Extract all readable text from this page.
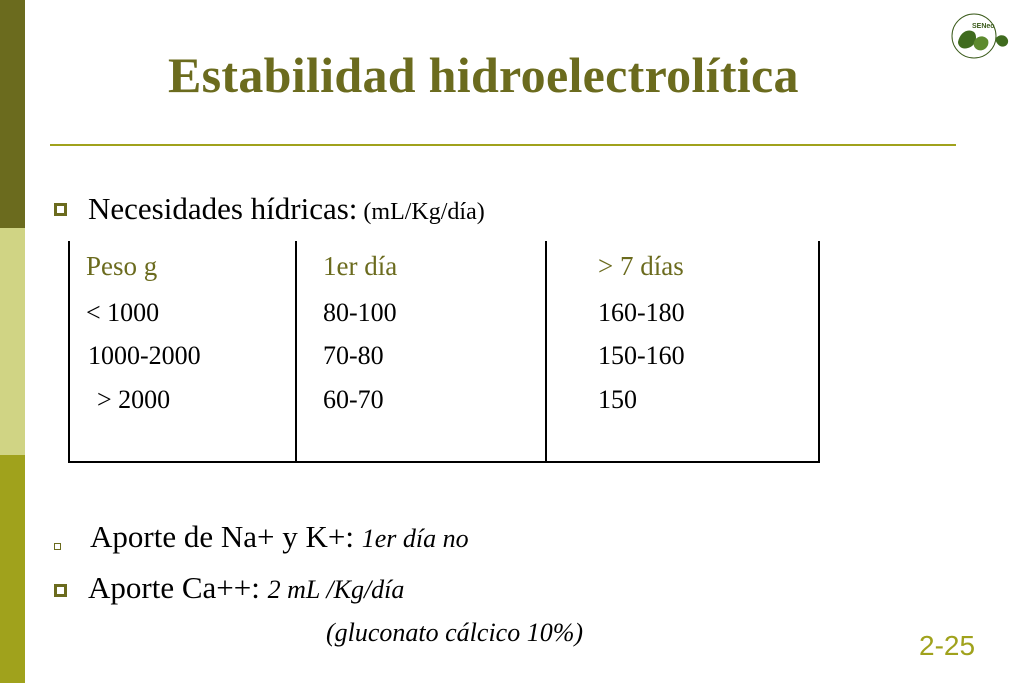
Estabilidad hidroelectrolítica
SENeo
Necesidades hídricas: (mL/Kg/día)
Peso g	1er día	> 7 días
< 1000	80-100	160-180
1000-2000	70-80	150-160
> 2000	60-70	150
Aporte de Na+ y K+: 1er día no
Aporte Ca++: 2 mL /Kg/día
(gluconato cálcico 10%)	2-25
